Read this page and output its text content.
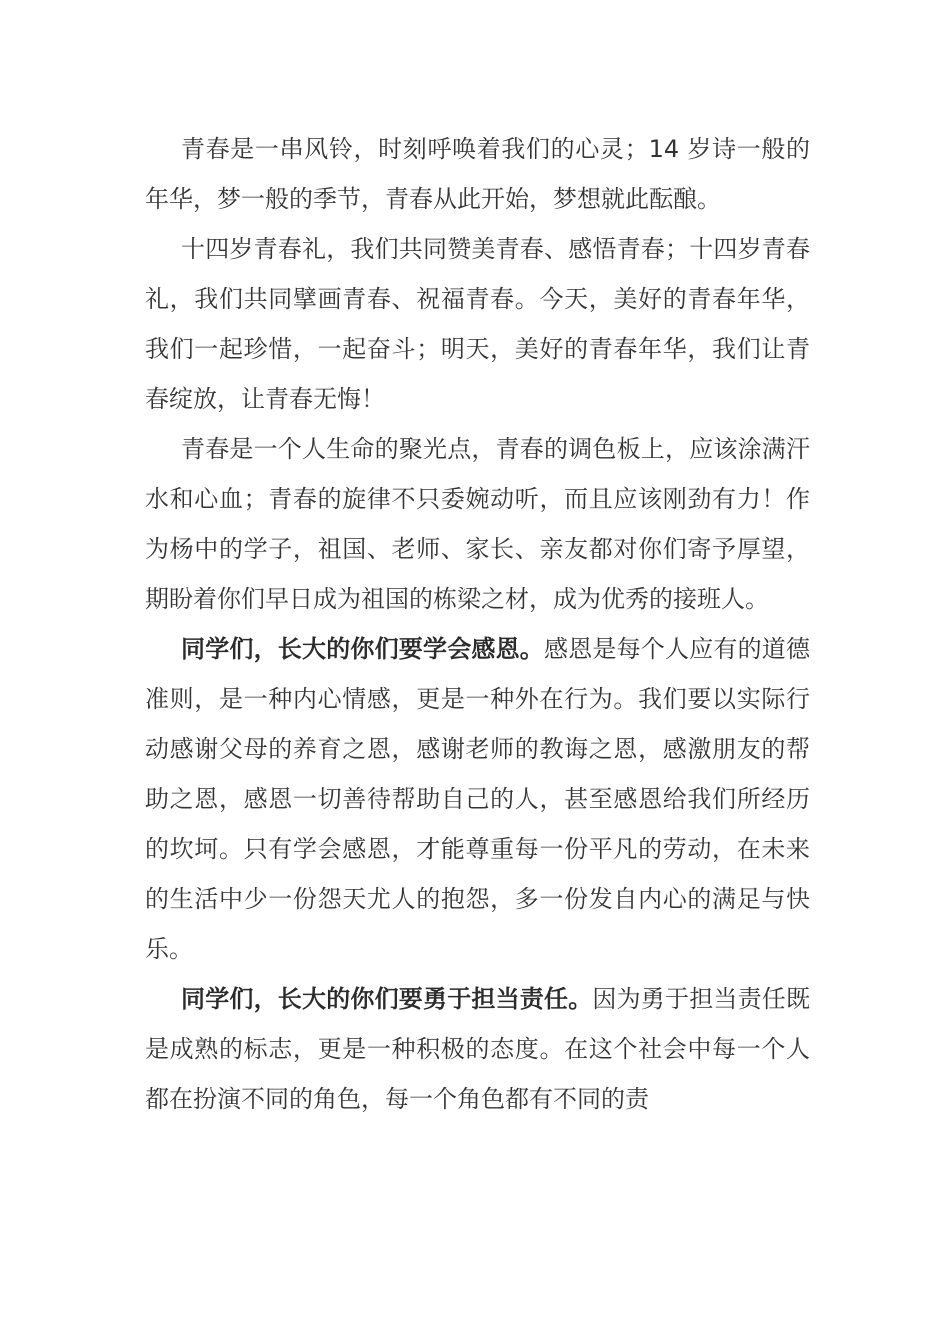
青春是一串风铃，时刻呼唤着我们的心灵；14 岁诗一般的年华，梦一般的季节，青春从此开始，梦想就此酝酿。

十四岁青春礼，我们共同赞美青春、感悟青春；十四岁青春礼，我们共同擘画青春、祝福青春。今天，美好的青春年华，我们一起珍惜，一起奋斗；明天，美好的青春年华，我们让青春绽放，让青春无悔！

青春是一个人生命的聚光点，青春的调色板上，应该涂满汗水和心血；青春的旋律不只委婉动听，而且应该刚劲有力！作为杨中的学子，祖国、老师、家长、亲友都对你们寄予厚望，期盼着你们早日成为祖国的栋梁之材，成为优秀的接班人。

同学们，长大的你们要学会感恩。感恩是每个人应有的道德准则，是一种内心情感，更是一种外在行为。我们要以实际行动感谢父母的养育之恩，感谢老师的教诲之恩，感激朋友的帮助之恩，感恩一切善待帮助自己的人，甚至感恩给我们所经历的坎坷。只有学会感恩，才能尊重每一份平凡的劳动，在未来的生活中少一份怨天尤人的抱怨，多一份发自内心的满足与快乐。

同学们，长大的你们要勇于担当责任。因为勇于担当责任既是成熟的标志，更是一种积极的态度。在这个社会中每一个人都在扮演不同的角色，每一个角色都有不同的责
